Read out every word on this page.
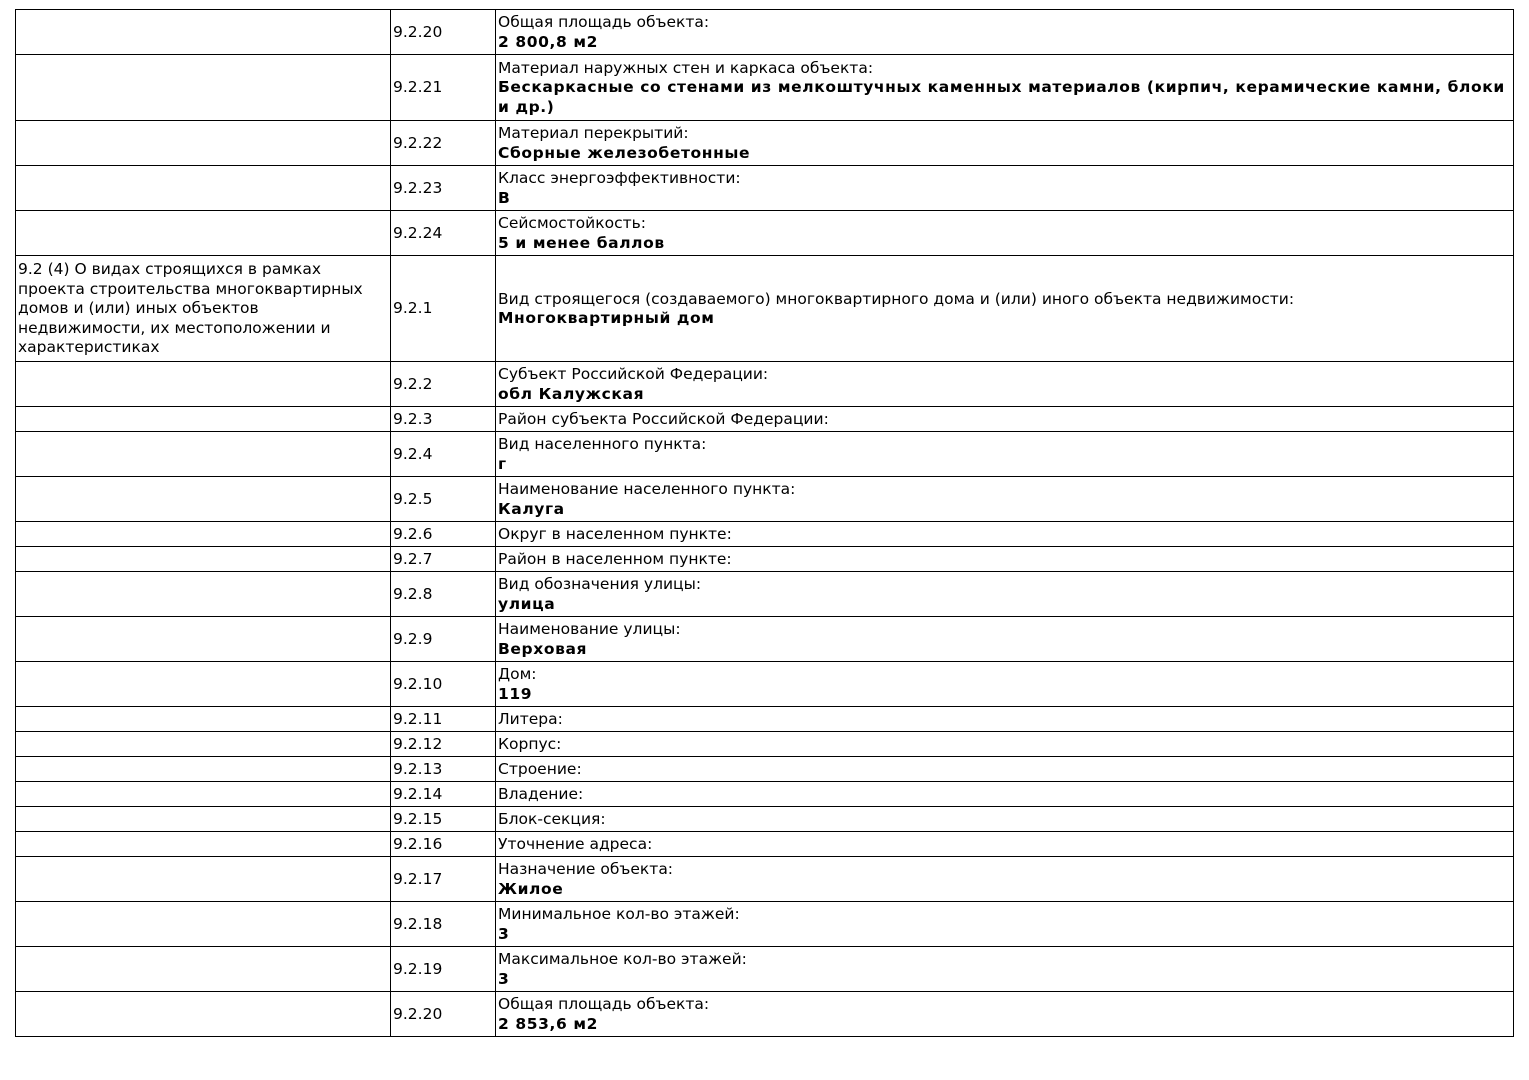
	9.2.20	Общая площадь объекта:
2 800,8 м2

	9.2.21	Материал наружных стен и каркаса объекта:
Бескаркасные со стенами из мелкоштучных каменных материалов (кирпич, керамические камни, блоки и др.)

	9.2.22	Материал перекрытий:
Сборные железобетонные

	9.2.23	Класс энергоэффективности:
B

	9.2.24	Сейсмостойкость:
5 и менее баллов

9.2 (4) О видах строящихся в рамках проекта строительства многоквартирных домов и (или) иных объектов недвижимости, их местоположении и характеристиках	9.2.1	Вид строящегося (создаваемого) многоквартирного дома и (или) иного объекта недвижимости:
Многоквартирный дом

	9.2.2	Субъект Российской Федерации:
обл Калужская

	9.2.3	Район субъекта Российской Федерации:

	9.2.4	Вид населенного пункта:
г

	9.2.5	Наименование населенного пункта:
Калуга

	9.2.6	Округ в населенном пункте:

	9.2.7	Район в населенном пункте:

	9.2.8	Вид обозначения улицы:
улица

	9.2.9	Наименование улицы:
Верховая

	9.2.10	Дом:
119

	9.2.11	Литера:

	9.2.12	Корпус:

	9.2.13	Строение:

	9.2.14	Владение:

	9.2.15	Блок-секция:

	9.2.16	Уточнение адреса:

	9.2.17	Назначение объекта:
Жилое

	9.2.18	Минимальное кол-во этажей:
3

	9.2.19	Максимальное кол-во этажей:
3

	9.2.20	Общая площадь объекта:
2 853,6 м2
